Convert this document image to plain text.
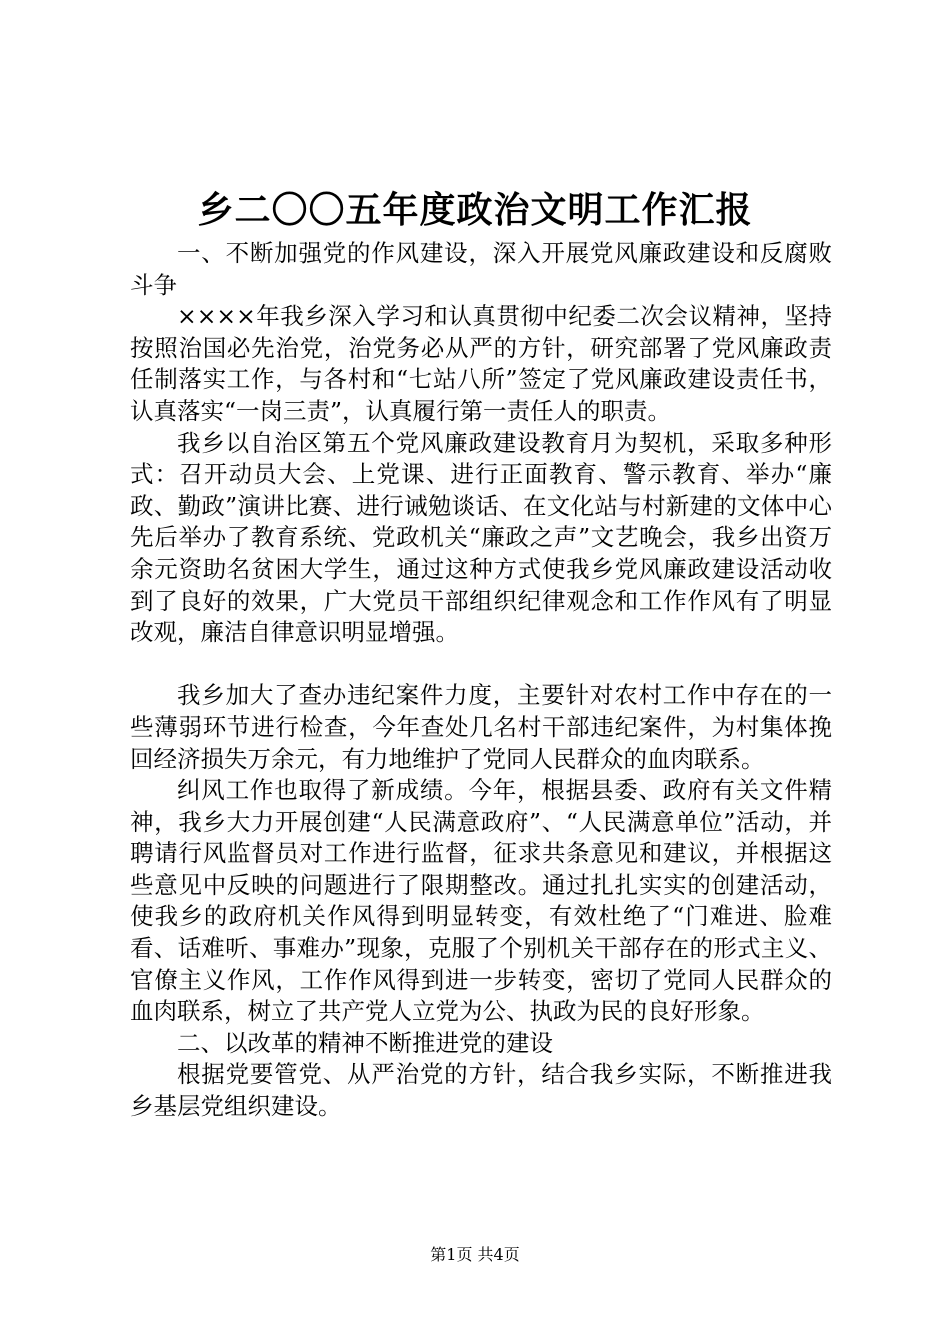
乡二〇〇五年度政治文明工作汇报

一、不断加强党的作风建设，深入开展党风廉政建设和反腐败斗争

××××年我乡深入学习和认真贯彻中纪委二次会议精神，坚持按照治国必先治党，治党务必从严的方针，研究部署了党风廉政责任制落实工作，与各村和“七站八所”签定了党风廉政建设责任书，认真落实“一岗三责”，认真履行第一责任人的职责。

我乡以自治区第五个党风廉政建设教育月为契机，采取多种形式：召开动员大会、上党课、进行正面教育、警示教育、举办“廉政、勤政”演讲比赛、进行诫勉谈话、在文化站与村新建的文体中心先后举办了教育系统、党政机关“廉政之声”文艺晚会，我乡出资万余元资助名贫困大学生，通过这种方式使我乡党风廉政建设活动收到了良好的效果，广大党员干部组织纪律观念和工作作风有了明显改观，廉洁自律意识明显增强。

我乡加大了查办违纪案件力度，主要针对农村工作中存在的一些薄弱环节进行检查，今年查处几名村干部违纪案件，为村集体挽回经济损失万余元，有力地维护了党同人民群众的血肉联系。

纠风工作也取得了新成绩。今年，根据县委、政府有关文件精神，我乡大力开展创建“人民满意政府”、“人民满意单位”活动，并聘请行风监督员对工作进行监督，征求共条意见和建议，并根据这些意见中反映的问题进行了限期整改。通过扎扎实实的创建活动，使我乡的政府机关作风得到明显转变，有效杜绝了“门难进、脸难看、话难听、事难办”现象，克服了个别机关干部存在的形式主义、官僚主义作风，工作作风得到进一步转变，密切了党同人民群众的血肉联系，树立了共产党人立党为公、执政为民的良好形象。

二、以改革的精神不断推进党的建设

根据党要管党、从严治党的方针，结合我乡实际，不断推进我乡基层党组织建设。

第1页 共4页
